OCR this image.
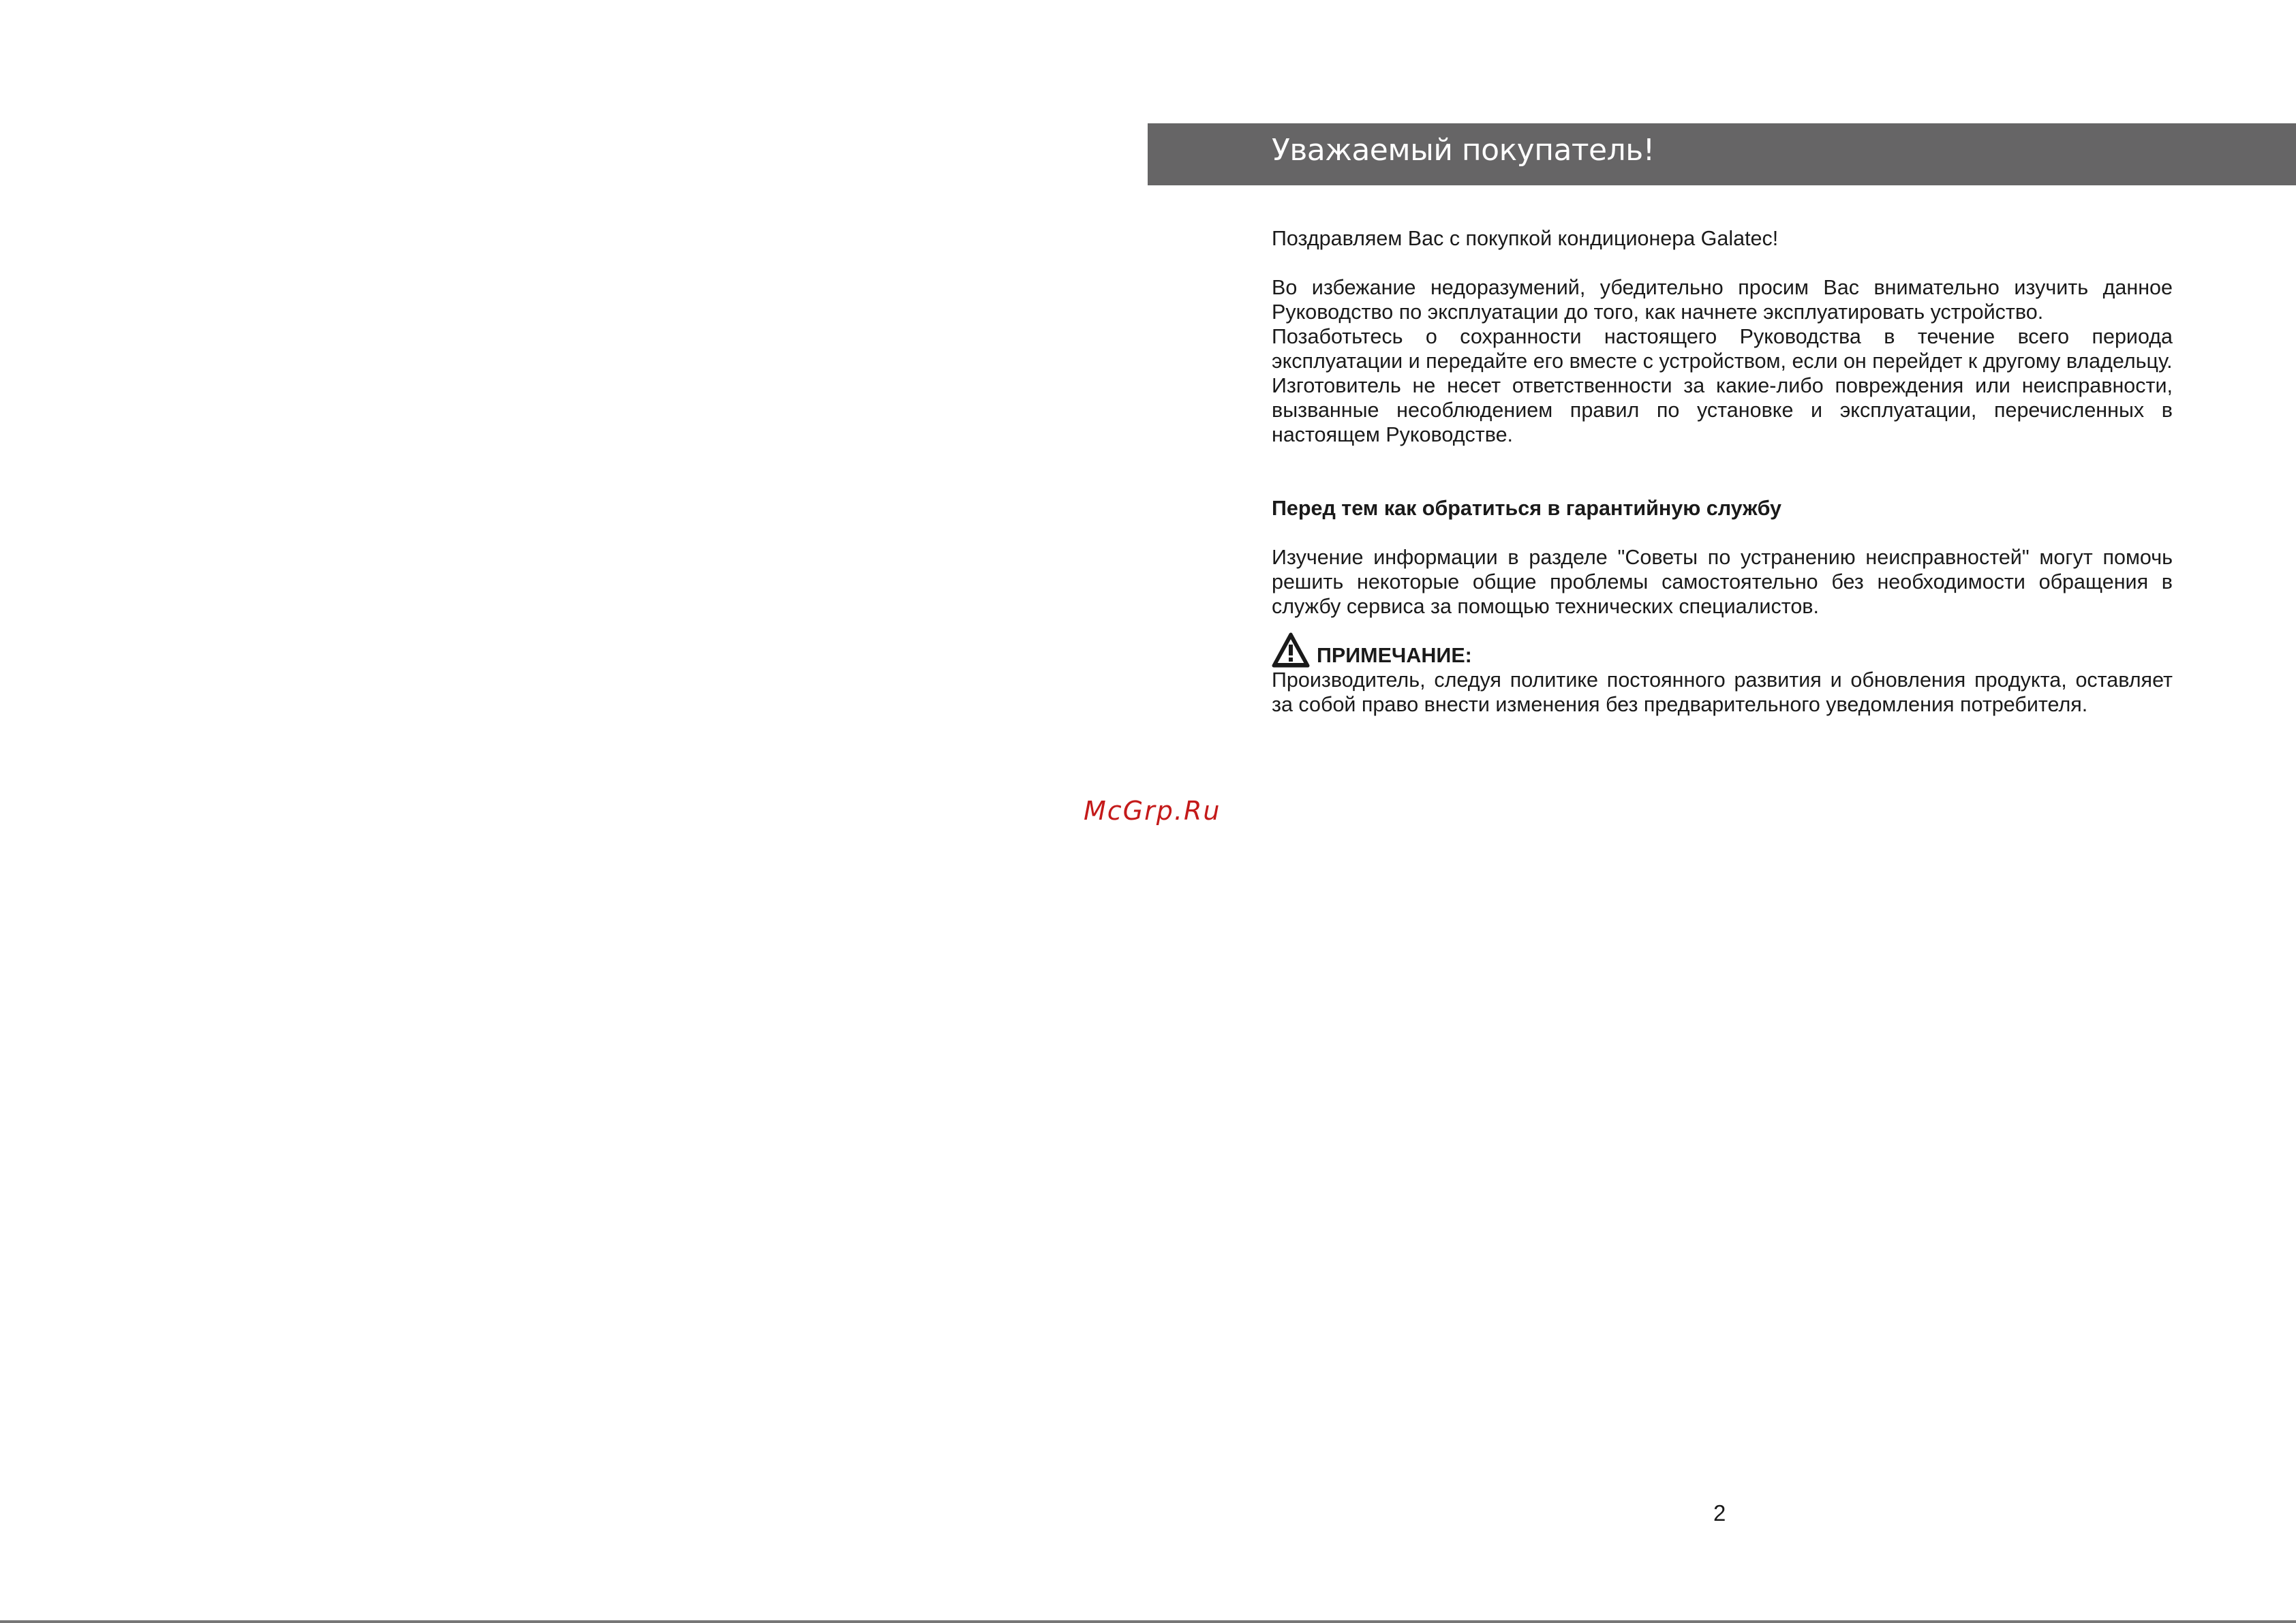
Уважаемый покупатель!

Поздравляем Вас с покупкой кондиционера Galatec!

Во избежание недоразумений, убедительно просим Вас внимательно изучить данное Руководство по эксплуатации до того, как начнете эксплуатировать устройство.

Позаботьтесь о сохранности настоящего Руководства в течение всего периода эксплуатации и передайте его вместе с устройством, если он перейдет к другому владельцу.

Изготовитель не несет ответственности за какие-либо повреждения или неисправности, вызванные несоблюдением правил по установке и эксплуатации, перечисленных в настоящем Руководстве.

Перед тем как обратиться в гарантийную службу

Изучение информации в разделе "Советы по устранению неисправностей" могут помочь решить некоторые общие проблемы самостоятельно без необходимости обращения в службу сервиса за помощью технических специалистов.

ПРИМЕЧАНИЕ:

Производитель, следуя политике постоянного развития и обновления продукта, оставляет за собой право внести изменения без предварительного уведомления потребителя.

McGrp.Ru
2
